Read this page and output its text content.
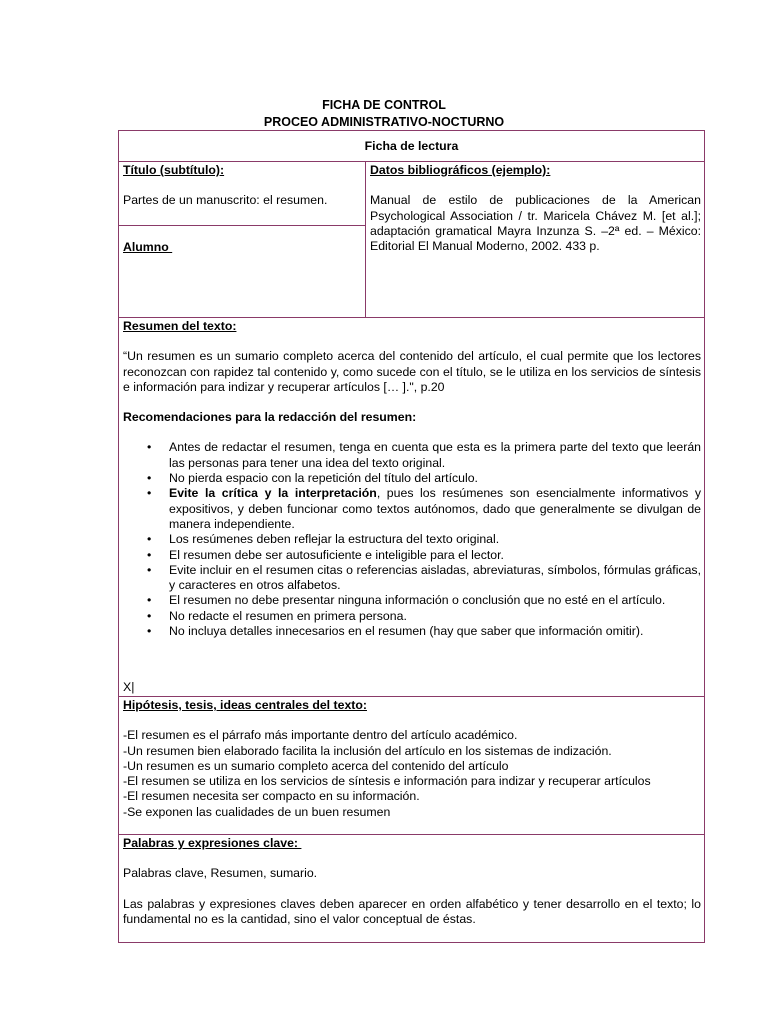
FICHA DE CONTROL
PROCEO ADMINISTRATIVO-NOCTURNO
Ficha de lectura

Título (subtítulo):

Partes de un manuscrito: el resumen.

Alumno

Datos bibliográficos (ejemplo):

Manual de estilo de publicaciones de la American Psychological Association / tr. Maricela Chávez M. [et al.]; adaptación gramatical Mayra Inzunza S. –2ª ed. – México: Editorial El Manual Moderno, 2002. 433 p.

Resumen del texto:

“Un resumen es un sumario completo acerca del contenido del artículo, el cual permite que los lectores reconozcan con rapidez tal contenido y, como sucede con el título, se le utiliza en los servicios de síntesis e información para indizar y recuperar artículos [… ].", p.20

Recomendaciones para la redacción del resumen:

• Antes de redactar el resumen, tenga en cuenta que esta es la primera parte del texto que leerán las personas para tener una idea del texto original.
• No pierda espacio con la repetición del título del artículo.
• Evite la crítica y la interpretación, pues los resúmenes son esencialmente informativos y expositivos, y deben funcionar como textos autónomos, dado que generalmente se divulgan de manera independiente.
• Los resúmenes deben reflejar la estructura del texto original.
• El resumen debe ser autosuficiente e inteligible para el lector.
• Evite incluir en el resumen citas o referencias aisladas, abreviaturas, símbolos, fórmulas gráficas, y caracteres en otros alfabetos.
• El resumen no debe presentar ninguna información o conclusión que no esté en el artículo.
• No redacte el resumen en primera persona.
• No incluya detalles innecesarios en el resumen (hay que saber que información omitir).
X|

Hipótesis, tesis, ideas centrales del texto:

-El resumen es el párrafo más importante dentro del artículo académico.

-Un resumen bien elaborado facilita la inclusión del artículo en los sistemas de indización.

-Un resumen es un sumario completo acerca del contenido del artículo

-El resumen se utiliza en los servicios de síntesis e información para indizar y recuperar artículos

-El resumen necesita ser compacto en su información.

-Se exponen las cualidades de un buen resumen

Palabras y expresiones clave:

Palabras clave, Resumen, sumario.

Las palabras y expresiones claves deben aparecer en orden alfabético y tener desarrollo en el texto; lo fundamental no es la cantidad, sino el valor conceptual de éstas.
